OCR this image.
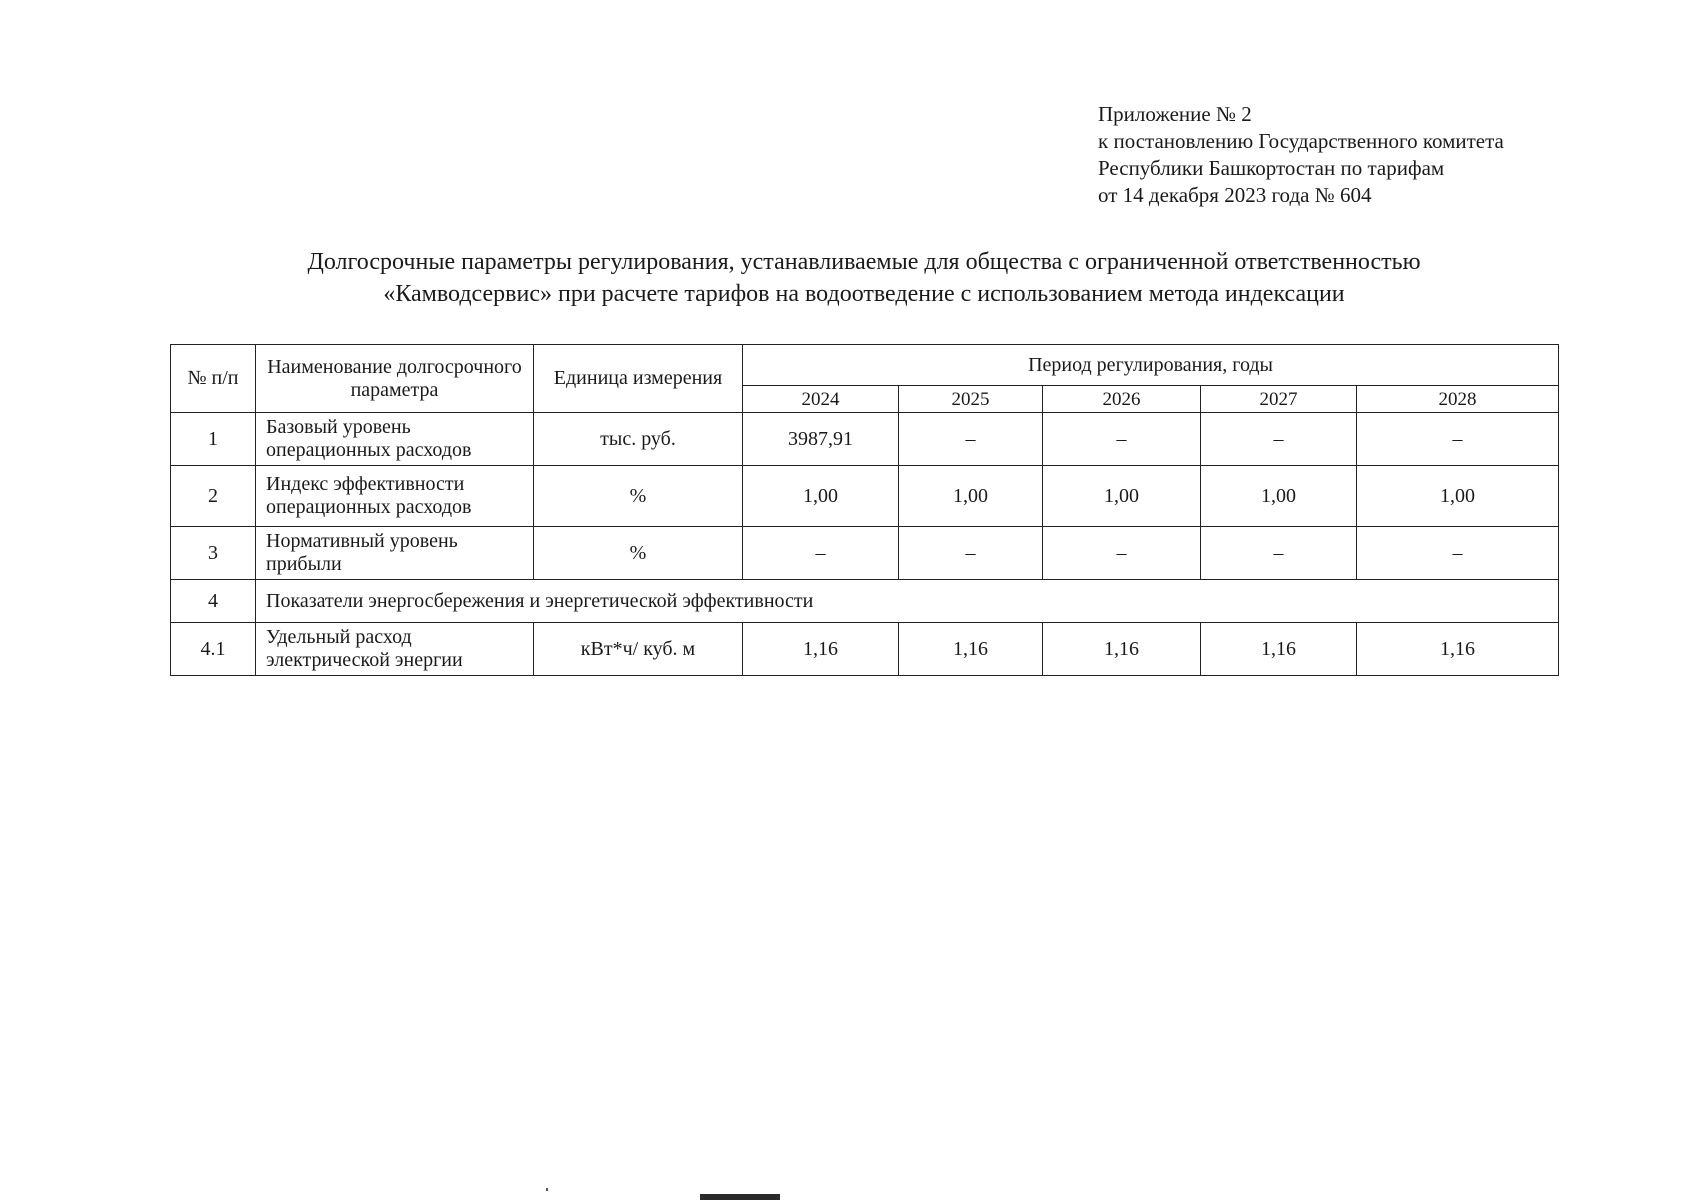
Приложение № 2
к постановлению Государственного комитета
Республики Башкортостан по тарифам
от 14 декабря 2023 года № 604
Долгосрочные параметры регулирования, устанавливаемые для общества с ограниченной ответственностью
«Камводсервис» при расчете тарифов на водоотведение с использованием метода индексации
№ п/п	Наименование долгосрочного параметра	Единица измерения	Период регулирования, годы				
			2024	2025	2026	2027	2028
1	Базовый уровень операционных расходов	тыс. руб.	3987,91	–	–	–	–
2	Индекс эффективности операционных расходов	%	1,00	1,00	1,00	1,00	1,00
3	Нормативный уровень прибыли	%	–	–	–	–	–
4	Показатели энергосбережения и энергетической эффективности						
4.1	Удельный расход электрической энергии	кВт*ч/ куб. м	1,16	1,16	1,16	1,16	1,16
